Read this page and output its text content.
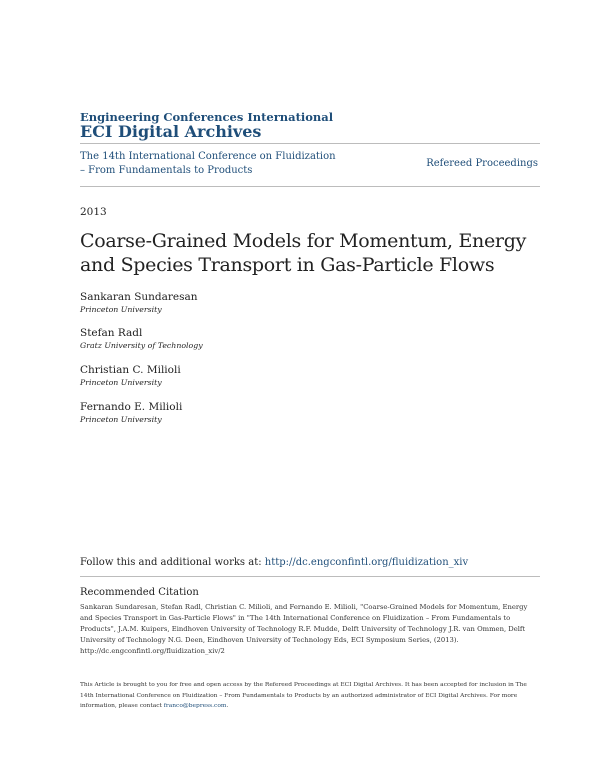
Engineering Conferences International
ECI Digital Archives
The 14th International Conference on Fluidization
– From Fundamentals to Products
Refereed Proceedings
2013
Coarse-Grained Models for Momentum, Energy
and Species Transport in Gas-Particle Flows
Sankaran Sundaresan
Princeton University
Stefan Radl
Gratz University of Technology
Christian C. Milioli
Princeton University
Fernando E. Milioli
Princeton University
Follow this and additional works at: http://dc.engconfintl.org/fluidization_xiv
Recommended Citation
Sankaran Sundaresan, Stefan Radl, Christian C. Milioli, and Fernando E. Milioli, "Coarse-Grained Models for Momentum, Energy and Species Transport in Gas-Particle Flows" in "The 14th International Conference on Fluidization – From Fundamentals to Products", J.A.M. Kuipers, Eindhoven University of Technology R.F. Mudde, Delft University of Technology J.R. van Ommen, Delft University of Technology N.G. Deen, Eindhoven University of Technology Eds, ECI Symposium Series, (2013). http://dc.engconfintl.org/fluidization_xiv/2
This Article is brought to you for free and open access by the Refereed Proceedings at ECI Digital Archives. It has been accepted for inclusion in The 14th International Conference on Fluidization – From Fundamentals to Products by an authorized administrator of ECI Digital Archives. For more information, please contact franco@bepress.com.
